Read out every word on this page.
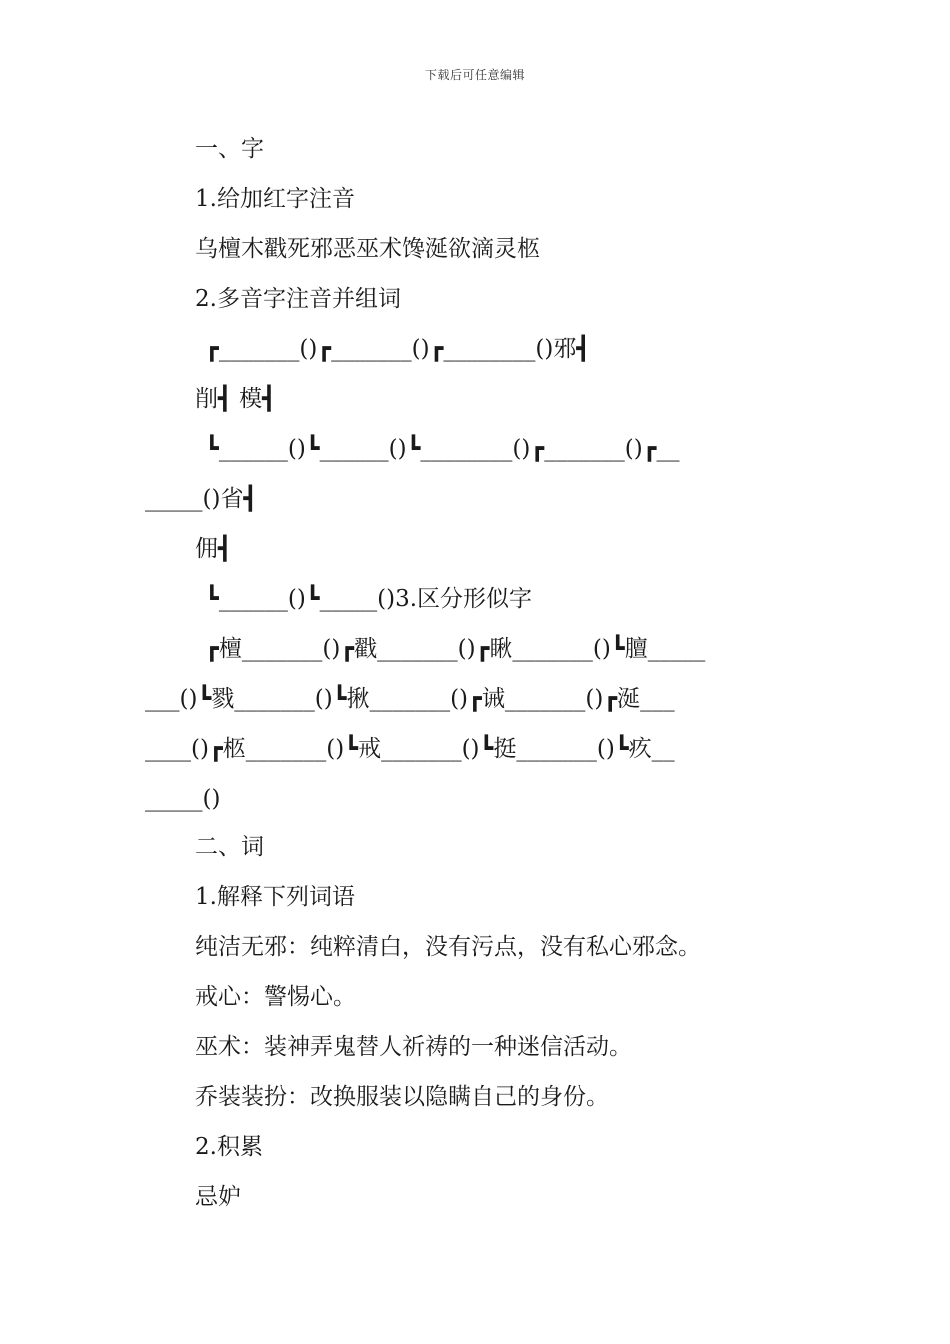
下载后可任意编辑
一、字
1.给加红字注音
乌檀木戳死邪恶巫术馋涎欲滴灵柩
2.多音字注音并组词
┏_______()┏_______()┏________()邪┫
削┫ 模┫
┗______()┗______()┗________()┏_______()┏__
_____()省┫
佣┫
┗______()┗_____()3.区分形似字
┏檀_______()┏戳_______()┏瞅_______()┗膻_____
___()┗戮_______()┗揪_______()┏诫_______()┏涎___
____()┏柩_______()┗戒_______()┗挺_______()┗疚__
_____()
二、词
1.解释下列词语
纯洁无邪：纯粹清白，没有污点，没有私心邪念。
戒心：警惕心。
巫术：装神弄鬼替人祈祷的一种迷信活动。
乔装装扮：改换服装以隐瞒自己的身份。
2.积累
忌妒
